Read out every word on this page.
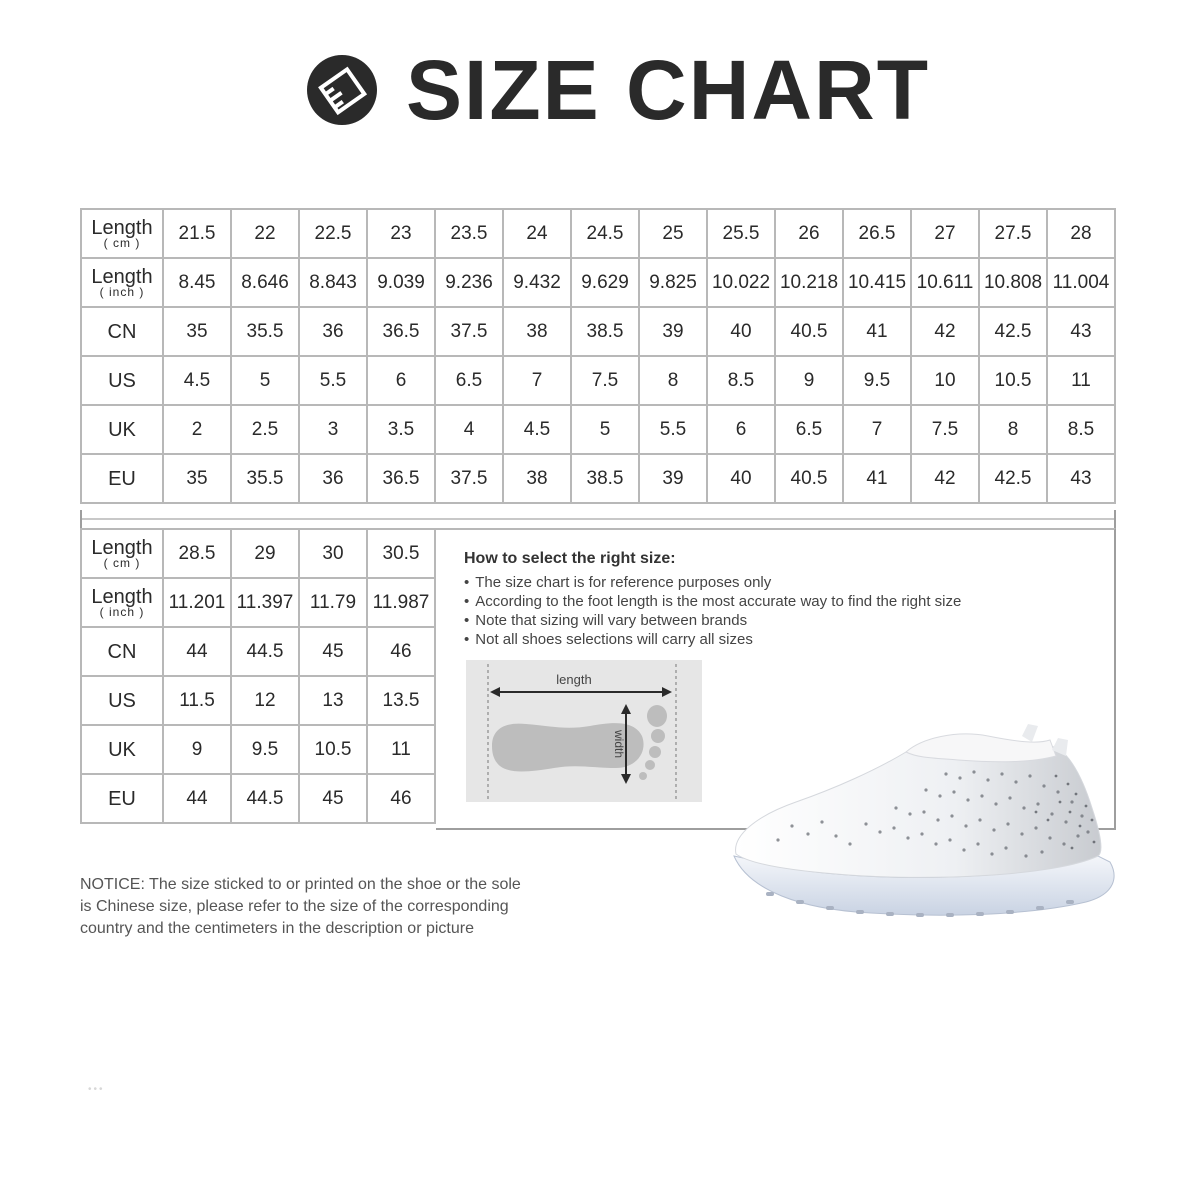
SIZE CHART
Length
( cm )	21.5	22	22.5	23	23.5	24	24.5	25	25.5	26	26.5	27	27.5	28
Length
( inch )	8.45	8.646	8.843	9.039	9.236	9.432	9.629	9.825	10.022	10.218	10.415	10.611	10.808	11.004
CN	35	35.5	36	36.5	37.5	38	38.5	39	40	40.5	41	42	42.5	43
US	4.5	5	5.5	6	6.5	7	7.5	8	8.5	9	9.5	10	10.5	11
UK	2	2.5	3	3.5	4	4.5	5	5.5	6	6.5	7	7.5	8	8.5
EU	35	35.5	36	36.5	37.5	38	38.5	39	40	40.5	41	42	42.5	43
Length
( cm )	28.5	29	30	30.5
Length
( inch )	11.201	11.397	11.79	11.987
CN	44	44.5	45	46
US	11.5	12	13	13.5
UK	9	9.5	10.5	11
EU	44	44.5	45	46
How to select the right size:
• The size chart is for reference purposes only
• According to the foot length is the most accurate way to find the right size
• Note that sizing will vary between brands
• Not all shoes selections will carry all sizes
length
width
NOTICE: The size sticked to or printed on the shoe or the sole
is Chinese size, please refer to the size of the corresponding
country and the centimeters in the description or picture
•••
